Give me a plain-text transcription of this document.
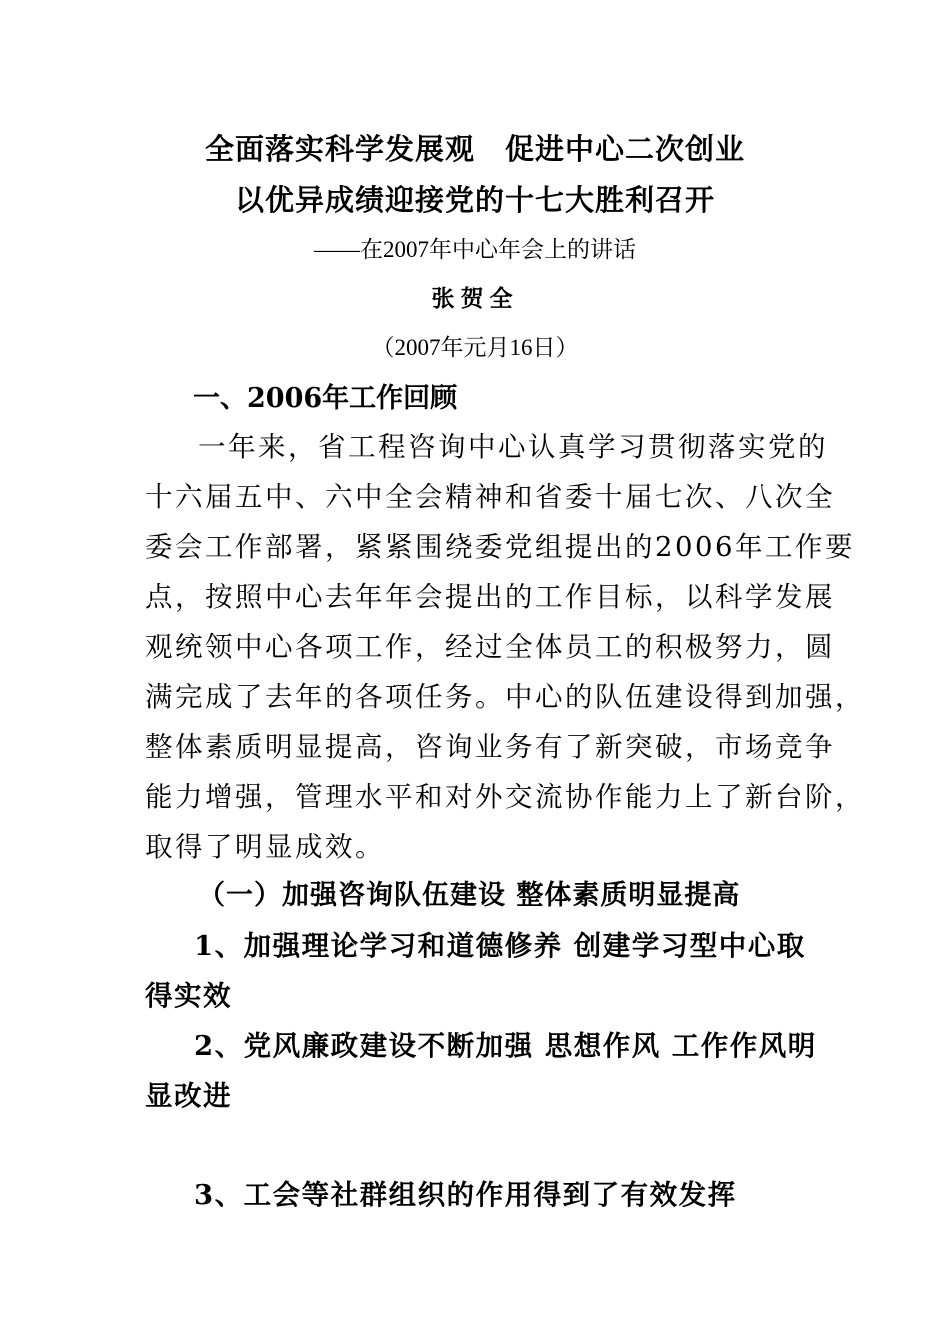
全面落实科学发展观　促进中心二次创业
以优异成绩迎接党的十七大胜利召开
——在2007年中心年会上的讲话
张贺全
（2007年元月16日）
一、2006年工作回顾
一年来，省工程咨询中心认真学习贯彻落实党的
十六届五中、六中全会精神和省委十届七次、八次全
委会工作部署，紧紧围绕委党组提出的2006年工作要
点，按照中心去年年会提出的工作目标，以科学发展
观统领中心各项工作，经过全体员工的积极努力，圆
满完成了去年的各项任务。中心的队伍建设得到加强，
整体素质明显提高，咨询业务有了新突破，市场竞争
能力增强，管理水平和对外交流协作能力上了新台阶，
取得了明显成效。
（一）加强咨询队伍建设 整体素质明显提高
1、加强理论学习和道德修养 创建学习型中心取
得实效
2、党风廉政建设不断加强 思想作风 工作作风明
显改进
3、工会等社群组织的作用得到了有效发挥
